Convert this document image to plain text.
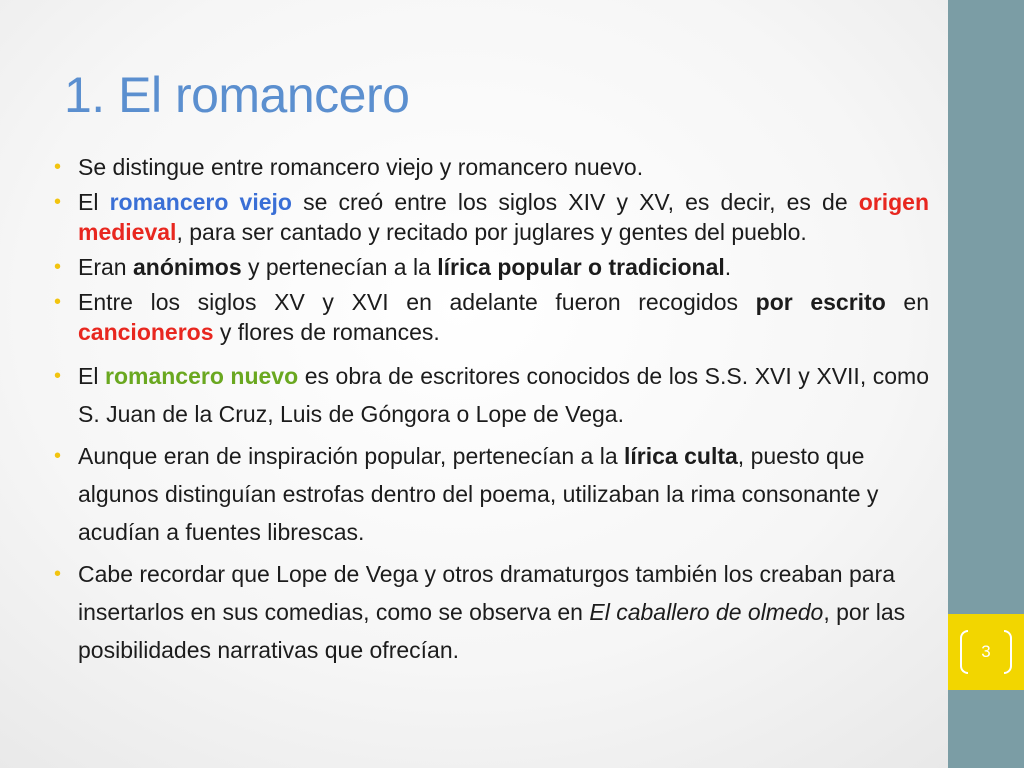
1. El romancero
• Se distingue entre romancero viejo y romancero nuevo.
• El romancero viejo se creó entre los siglos XIV y XV, es decir, es de origen medieval, para ser cantado y recitado por juglares y gentes del pueblo.
• Eran anónimos y pertenecían a la lírica popular o tradicional.
• Entre los siglos XV y XVI en adelante fueron recogidos por escrito en cancioneros y flores de romances.
• El romancero nuevo es obra de escritores conocidos de los S.S. XVI y XVII, como S. Juan de la Cruz, Luis de Góngora o Lope de Vega.
• Aunque eran de inspiración popular, pertenecían a la lírica culta, puesto que algunos distinguían estrofas dentro del poema, utilizaban la rima consonante y acudían a fuentes librescas.
• Cabe recordar que Lope de Vega y otros dramaturgos también los creaban para insertarlos en sus comedias, como se observa en El caballero de olmedo, por las posibilidades narrativas que ofrecían.	3
